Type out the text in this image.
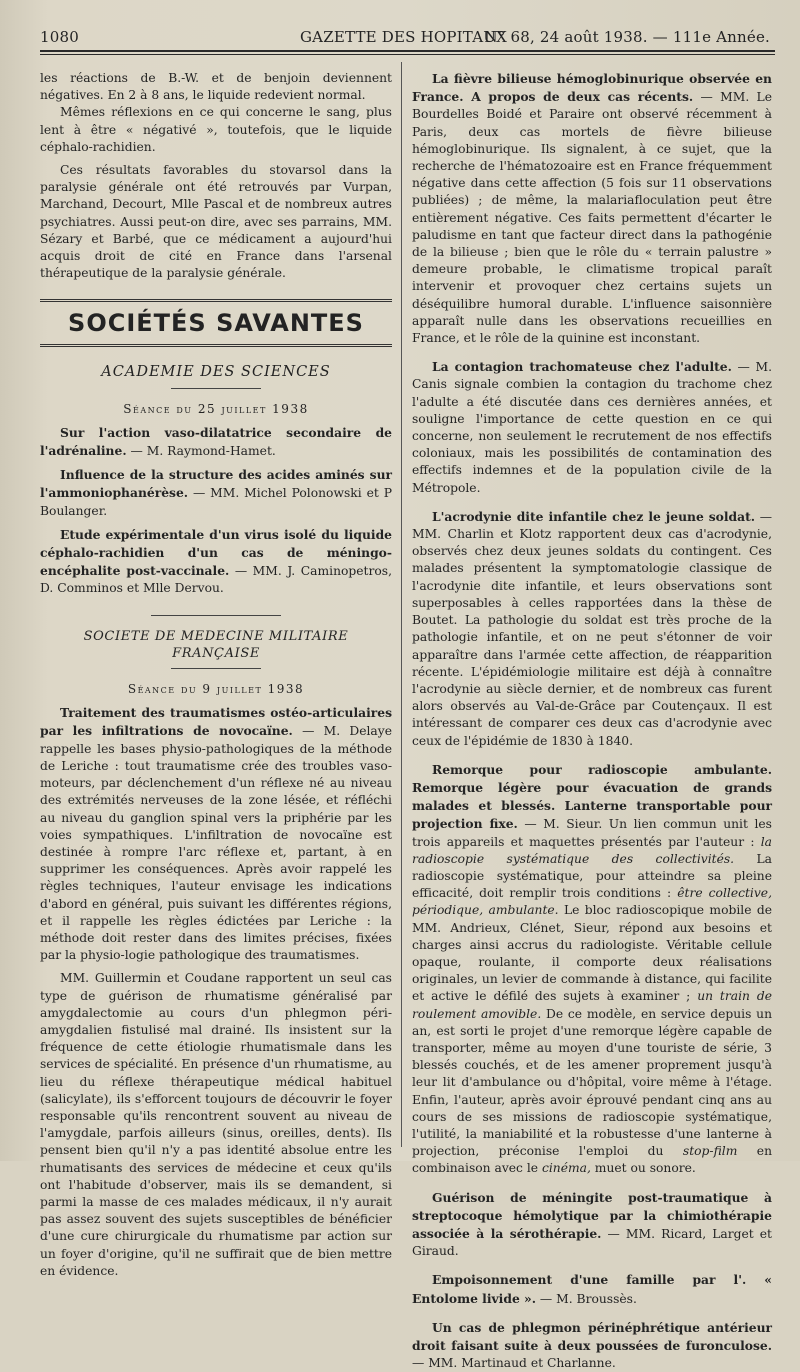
1080	GAZETTE DES HOPITAUX
N° 68, 24 août 1938. — 111e Année.

les réactions de B.-W. et de benjoin deviennent négatives. En 2 à 8 ans, le liquide redevient normal.

Mêmes réflexions en ce qui concerne le sang, plus lent à être « négativé », toutefois, que le liquide céphalo-rachidien.

Ces résultats favorables du stovarsol dans la paralysie générale ont été retrouvés par Vurpan, Marchand, Decourt, Mlle Pascal et de nombreux autres psychiatres. Aussi peut-on dire, avec ses parrains, MM. Sézary et Barbé, que ce médicament a aujourd'hui acquis droit de cité en France dans l'arsenal thérapeutique de la paralysie générale.

SOCIÉTÉS SAVANTES
ACADEMIE DES SCIENCES
Séance du 25 juillet 1938

Sur l'action vaso-dilatatrice secondaire de l'adrénaline. — M. Raymond-Hamet.

Influence de la structure des acides aminés sur l'ammoniophanérèse. — MM. Michel Polonowski et P Boulanger.

Etude expérimentale d'un virus isolé du liquide céphalo-rachidien d'un cas de méningo-encéphalite post-vaccinale. — MM. J. Caminopetros, D. Comminos et Mlle Dervou.

SOCIETE DE MEDECINE MILITAIRE FRANÇAISE
Séance du 9 juillet 1938

Traitement des traumatismes ostéo-articulaires par les infiltrations de novocaïne. — M. Delaye rappelle les bases physio-pathologiques de la méthode de Leriche : tout traumatisme crée des troubles vaso-moteurs, par déclenchement d'un réflexe né au niveau des extrémités nerveuses de la zone lésée, et réfléchi au niveau du ganglion spinal vers la priphérie par les voies sympathiques. L'infiltration de novocaïne est destinée à rompre l'arc réflexe et, partant, à en supprimer les conséquences. Après avoir rappelé les règles techniques, l'auteur envisage les indications d'abord en général, puis suivant les différentes régions, et il rappelle les règles édictées par Leriche : la méthode doit rester dans des limites précises, fixées par la physio-logie pathologique des traumatismes.

MM. Guillermin et Coudane rapportent un seul cas type de guérison de rhumatisme généralisé par amygdalectomie au cours d'un phlegmon péri-amygdalien fistulisé mal drainé. Ils insistent sur la fréquence de cette étiologie rhumatismale dans les services de spécialité. En présence d'un rhumatisme, au lieu du réflexe thérapeutique médical habituel (salicylate), ils s'efforcent toujours de découvrir le foyer responsable qu'ils rencontrent souvent au niveau de l'amygdale, parfois ailleurs (sinus, oreilles, dents). Ils pensent bien qu'il n'y a pas identité absolue entre les rhumatisants des services de médecine et ceux qu'ils ont l'habitude d'observer, mais ils se demandent, si parmi la masse de ces malades médicaux, il n'y aurait pas assez souvent des sujets susceptibles de bénéficier d'une cure chirurgicale du rhumatisme par action sur un foyer d'origine, qu'il ne suffirait que de bien mettre en évidence.

La fièvre bilieuse hémoglobinurique observée en France. A propos de deux cas récents. — MM. Le Bourdelles Boidé et Paraire ont observé récemment à Paris, deux cas mortels de fièvre bilieuse hémoglobinurique. Ils signalent, à ce sujet, que la recherche de l'hématozoaire est en France fréquemment négative dans cette affection (5 fois sur 11 observations publiées) ; de même, la malariafloculation peut être entièrement négative. Ces faits permettent d'écarter le paludisme en tant que facteur direct dans la pathogénie de la bilieuse ; bien que le rôle du « terrain palustre » demeure probable, le climatisme tropical paraît intervenir et provoquer chez certains sujets un déséquilibre humoral durable. L'influence saisonnière apparaît nulle dans les observations recueillies en France, et le rôle de la quinine est inconstant.

La contagion trachomateuse chez l'adulte. — M. Canis signale combien la contagion du trachome chez l'adulte a été discutée dans ces dernières années, et souligne l'importance de cette question en ce qui concerne, non seulement le recrutement de nos effectifs coloniaux, mais les possibilités de contamination des effectifs indemnes et de la population civile de la Métropole.

L'acrodynie dite infantile chez le jeune soldat. — MM. Charlin et Klotz rapportent deux cas d'acrodynie, observés chez deux jeunes soldats du contingent. Ces malades présentent la symptomatologie classique de l'acrodynie dite infantile, et leurs observations sont superposables à celles rapportées dans la thèse de Boutet. La pathologie du soldat est très proche de la pathologie infantile, et on ne peut s'étonner de voir apparaître dans l'armée cette affection, de réapparition récente. L'épidémiologie militaire est déjà à connaître l'acrodynie au siècle dernier, et de nombreux cas furent alors observés au Val-de-Grâce par Coutençaux. Il est intéressant de comparer ces deux cas d'acrodynie avec ceux de l'épidémie de 1830 à 1840.

Remorque pour radioscopie ambulante. Remorque légère pour évacuation de grands malades et blessés. Lanterne transportable pour projection fixe. — M. Sieur. Un lien commun unit les trois appareils et maquettes présentés par l'auteur : la radioscopie systématique des collectivités. La radioscopie systématique, pour atteindre sa pleine efficacité, doit remplir trois conditions : être collective, périodique, ambulante. Le bloc radioscopique mobile de MM. Andrieux, Clénet, Sieur, répond aux besoins et charges ainsi accrus du radiologiste. Véritable cellule opaque, roulante, il comporte deux réalisations originales, un levier de commande à distance, qui facilite et active le défilé des sujets à examiner ; un train de roulement amovible. De ce modèle, en service depuis un an, est sorti le projet d'une remorque légère capable de transporter, même au moyen d'une touriste de série, 3 blessés couchés, et de les amener proprement jusqu'à leur lit d'ambulance ou d'hôpital, voire même à l'étage. Enfin, l'auteur, après avoir éprouvé pendant cinq ans au cours de ses missions de radioscopie systématique, l'utilité, la maniabilité et la robustesse d'une lanterne à projection, préconise l'emploi du stop-film en combinaison avec le cinéma, muet ou sonore.

Guérison de méningite post-traumatique à streptocoque hémolytique par la chimiothérapie associée à la sérothérapie. — MM. Ricard, Larget et Giraud.

Empoisonnement d'une famille par l'. « Entolome livide ». — M. Broussès.

Un cas de phlegmon périnéphrétique antérieur droit faisant suite à deux poussées de furonculose. — MM. Martinaud et Charlanne.
